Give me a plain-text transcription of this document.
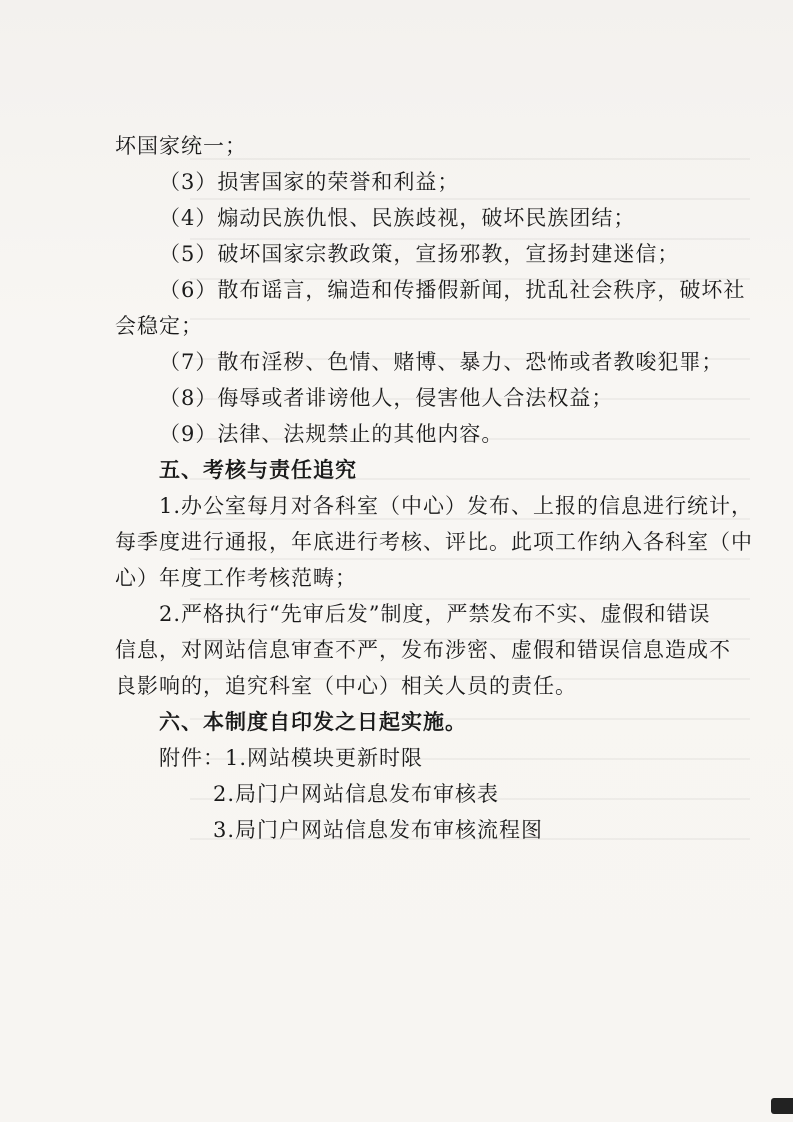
坏国家统一；
（3）损害国家的荣誉和利益；
（4）煽动民族仇恨、民族歧视，破坏民族团结；
（5）破坏国家宗教政策，宣扬邪教，宣扬封建迷信；
（6）散布谣言，编造和传播假新闻，扰乱社会秩序，破坏社
会稳定；
（7）散布淫秽、色情、赌博、暴力、恐怖或者教唆犯罪；
（8）侮辱或者诽谤他人，侵害他人合法权益；
（9）法律、法规禁止的其他内容。
五、考核与责任追究
1.办公室每月对各科室（中心）发布、上报的信息进行统计，
每季度进行通报，年底进行考核、评比。此项工作纳入各科室（中
心）年度工作考核范畴；
2.严格执行“先审后发”制度，严禁发布不实、虚假和错误
信息，对网站信息审查不严，发布涉密、虚假和错误信息造成不
良影响的，追究科室（中心）相关人员的责任。
六、本制度自印发之日起实施。
附件：1.网站模块更新时限
2.局门户网站信息发布审核表
3.局门户网站信息发布审核流程图
